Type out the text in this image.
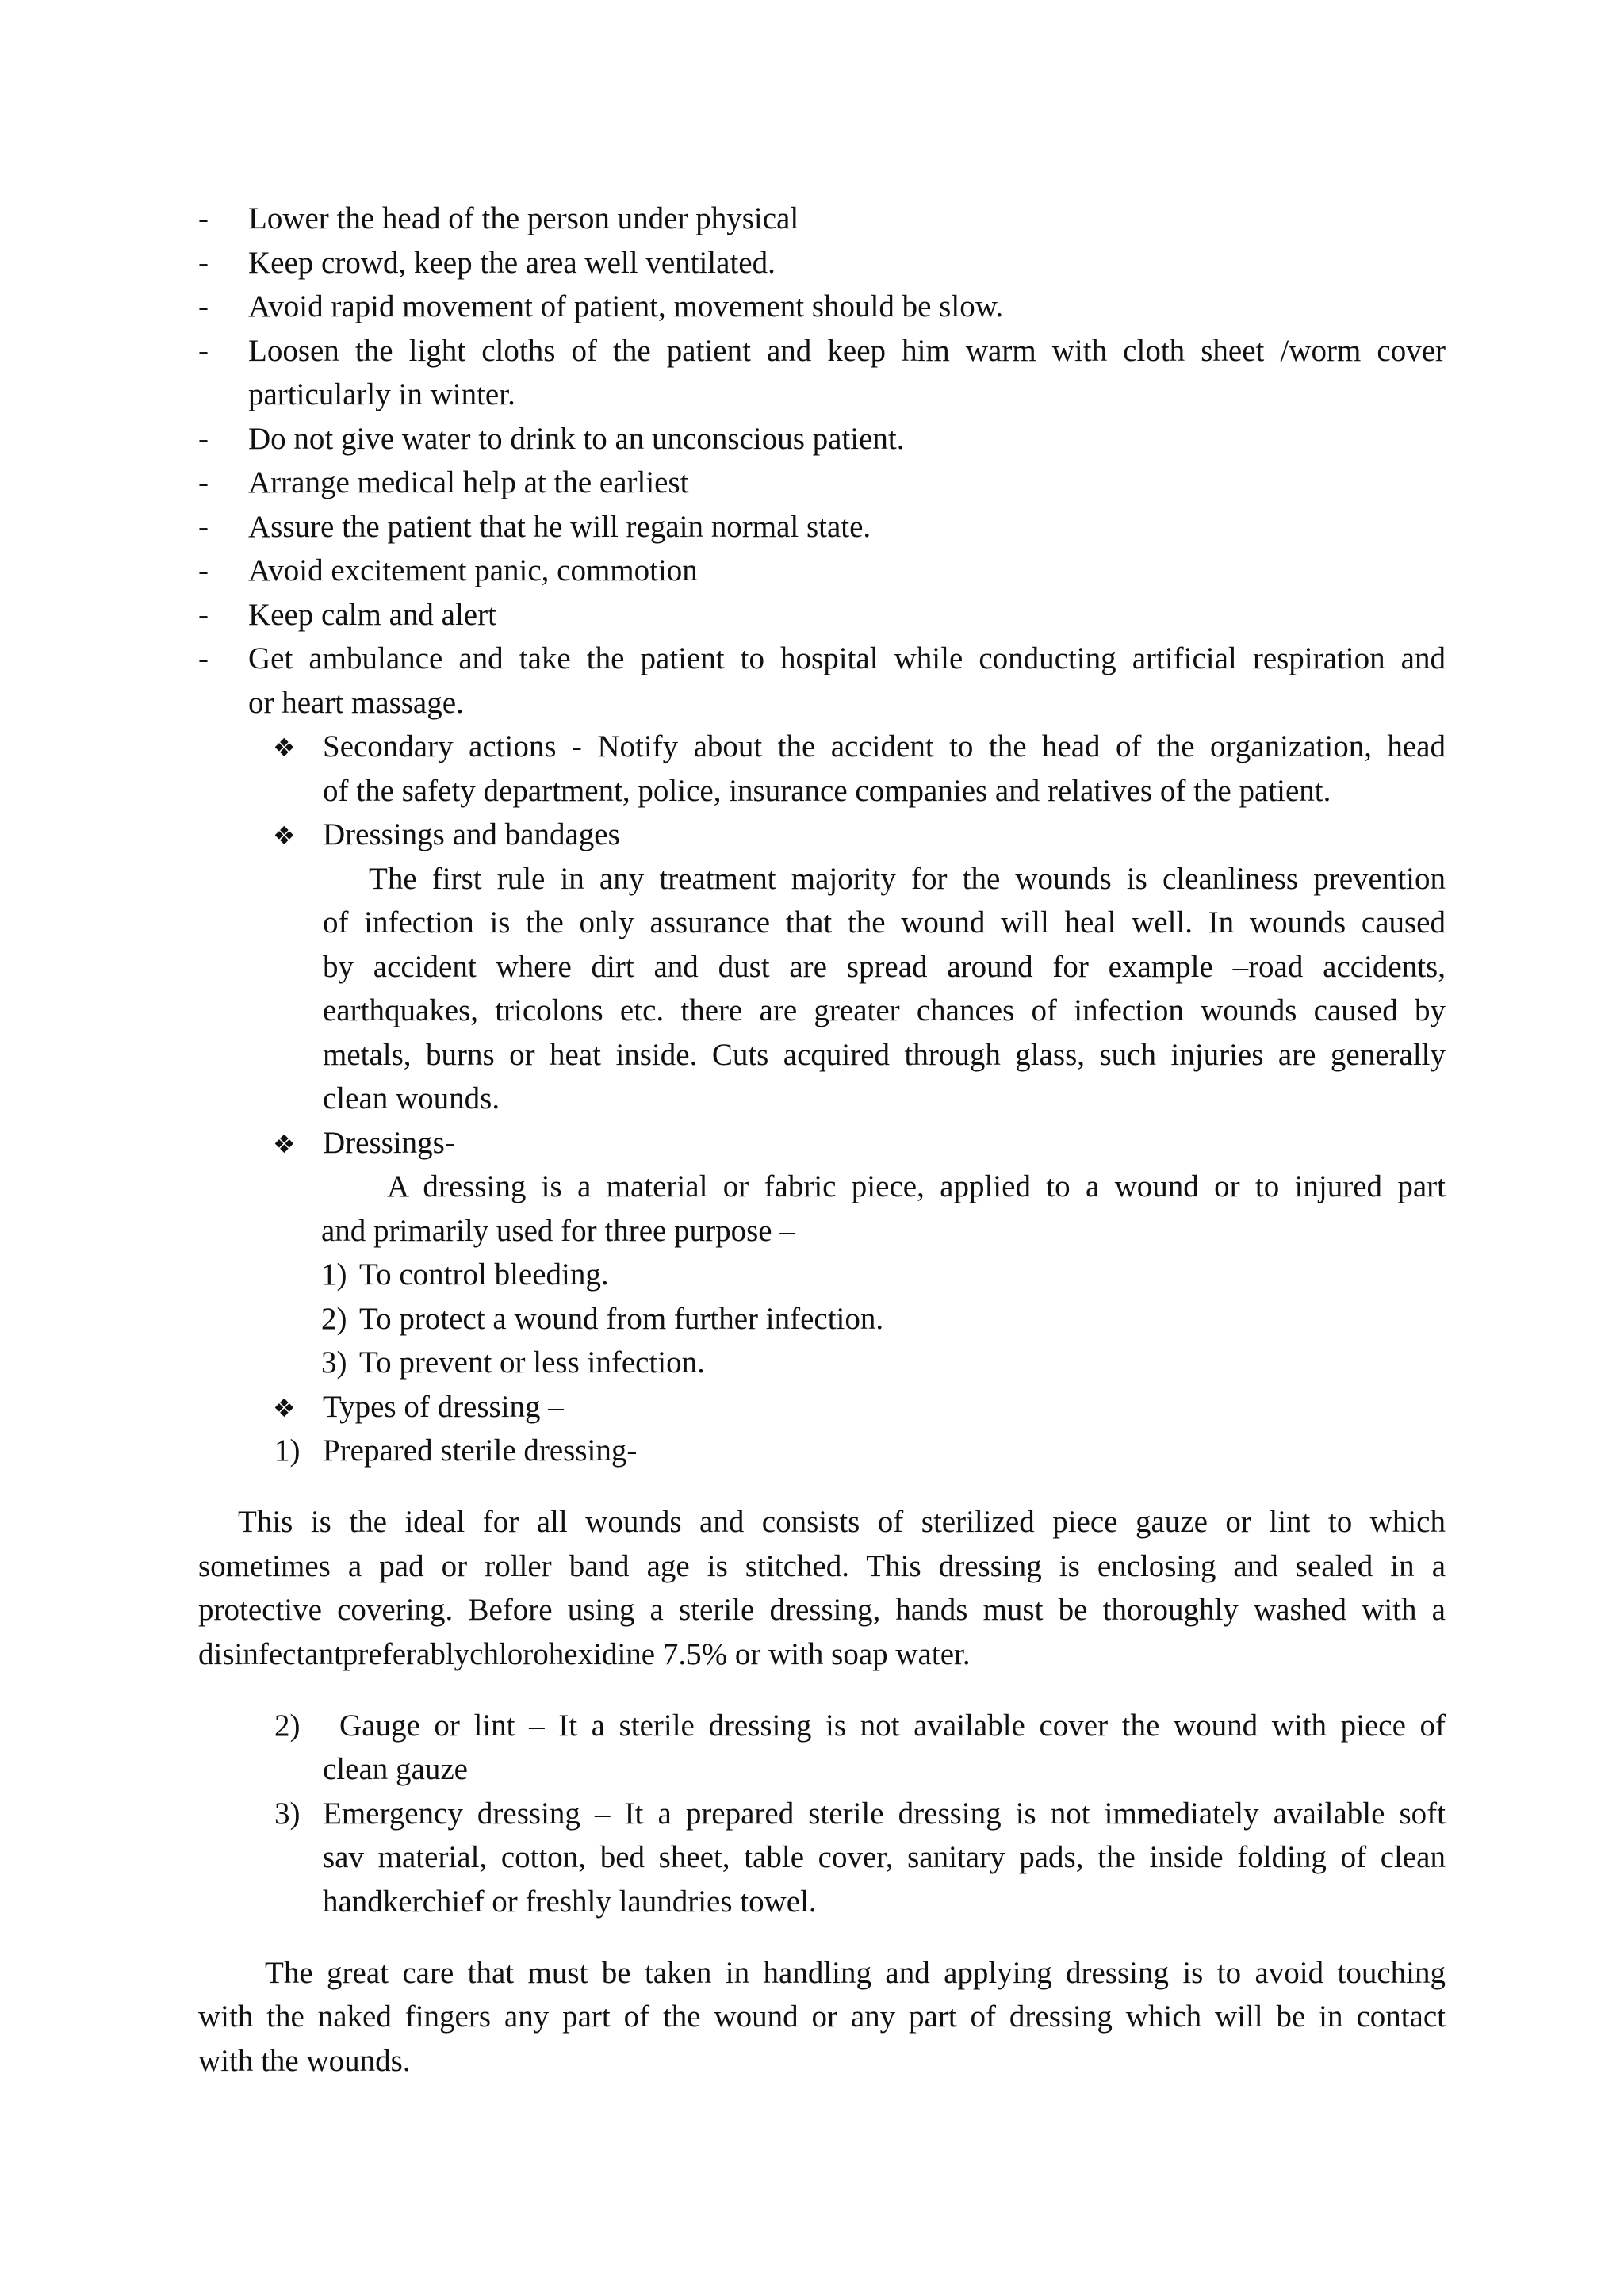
- Lower the head of the person under physical
- Keep crowd, keep the area well ventilated.
- Avoid rapid movement of patient, movement should be slow.
- Loosen the light cloths of the patient and keep him warm with cloth sheet /worm cover
particularly in winter.
- Do not give water to drink to an unconscious patient.
- Arrange medical help at the earliest
- Assure the patient that he will regain normal state.
- Avoid excitement panic, commotion
- Keep calm and alert
- Get ambulance and take the patient to hospital while conducting artificial respiration and
or heart massage.
❖ Secondary actions - Notify about the accident to the head of the organization, head
of the safety department, police, insurance companies and relatives of the patient.
❖ Dressings and bandages
The first rule in any treatment majority for the wounds is cleanliness prevention
of infection is the only assurance that the wound will heal well. In wounds caused
by accident where dirt and dust are spread around for example –road accidents,
earthquakes, tricolons etc. there are greater chances of infection wounds caused by
metals, burns or heat inside. Cuts acquired through glass, such injuries are generally
clean wounds.
❖ Dressings-
A dressing is a material or fabric piece, applied to a wound or to injured part
and primarily used for three purpose –
1) To control bleeding.
2) To protect a wound from further infection.
3) To prevent or less infection.
❖ Types of dressing –
1) Prepared sterile dressing-
This is the ideal for all wounds and consists of sterilized piece gauze or lint to which
sometimes a pad or roller band age is stitched. This dressing is enclosing and sealed in a
protective covering. Before using a sterile dressing, hands must be thoroughly washed with a
disinfectantpreferablychlorohexidine 7.5% or with soap water.
2) Gauge or lint – It a sterile dressing is not available cover the wound with piece of
clean gauze
3) Emergency dressing – It a prepared sterile dressing is not immediately available soft
sav material, cotton, bed sheet, table cover, sanitary pads, the inside folding of clean
handkerchief or freshly laundries towel.
The great care that must be taken in handling and applying dressing is to avoid touching
with the naked fingers any part of the wound or any part of dressing which will be in contact
with the wounds.
